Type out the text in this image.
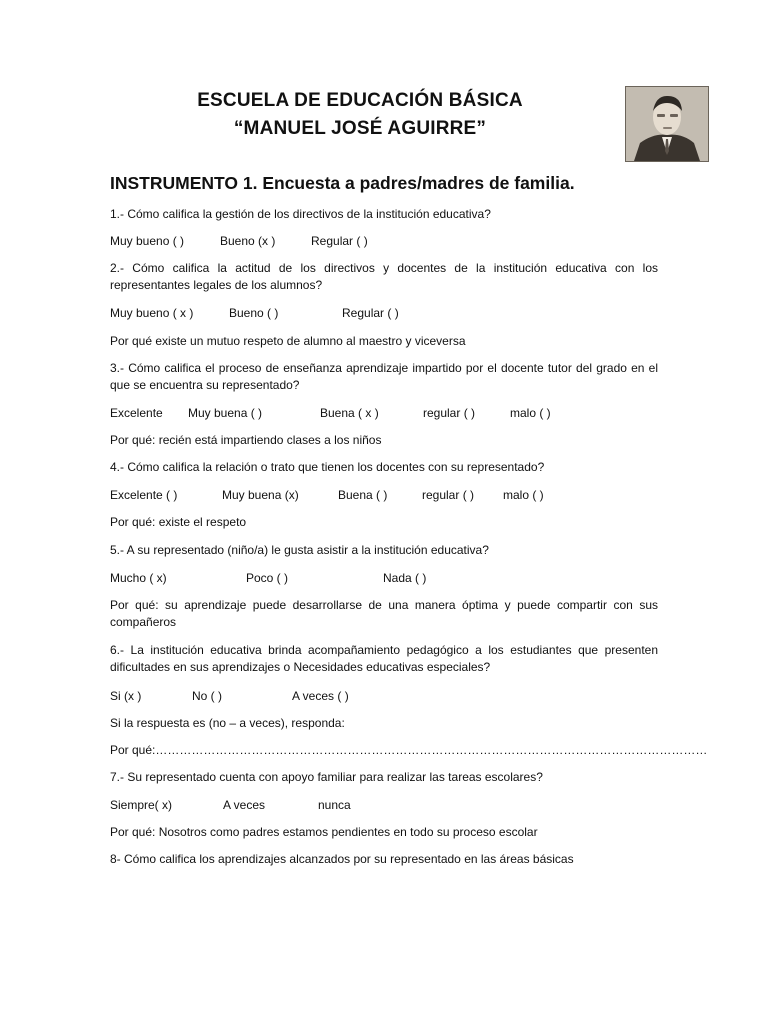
ESCUELA DE EDUCACIÓN BÁSICA
“MANUEL JOSÉ AGUIRRE”
INSTRUMENTO 1. Encuesta a padres/madres de familia.
1.- Cómo califica la gestión de los directivos de la institución educativa?
Muy bueno ( )	Bueno (x )	Regular ( )
2.- Cómo califica la actitud de los directivos y docentes de la institución educativa con los representantes legales de los alumnos?
Muy bueno ( x )	Bueno ( )	Regular ( )
Por qué existe un mutuo respeto de alumno al maestro y viceversa
3.- Cómo califica el proceso de enseñanza aprendizaje impartido por el docente tutor del grado en el que se encuentra su representado?
Excelente Muy buena ( )	Buena ( x )	regular ( )	malo ( )
Por qué: recién está impartiendo clases a los niños
4.- Cómo califica la relación o trato que tienen los docentes con su representado?
Excelente ( )	Muy buena (x)	Buena ( )	regular ( ) malo ( )
Por qué: existe el respeto
5.- A su representado (niño/a) le gusta asistir a la institución educativa?
Mucho ( x)	Poco ( )	Nada ( )
Por qué: su aprendizaje puede desarrollarse de una manera óptima y puede compartir con sus compañeros
6.- La institución educativa brinda acompañamiento pedagógico a los estudiantes que presenten dificultades en sus aprendizajes o Necesidades educativas especiales?
Si (x )	No ( )	A veces ( )
Si la respuesta es (no – a veces), responda:
Por qué:…………………………………………………………………………………………………………………………
7.- Su representado cuenta con apoyo familiar para realizar las tareas escolares?
Siempre( x)	A veces	nunca
Por qué: Nosotros como padres estamos pendientes en todo su proceso escolar
8- Cómo califica los aprendizajes alcanzados por su representado en las áreas básicas
